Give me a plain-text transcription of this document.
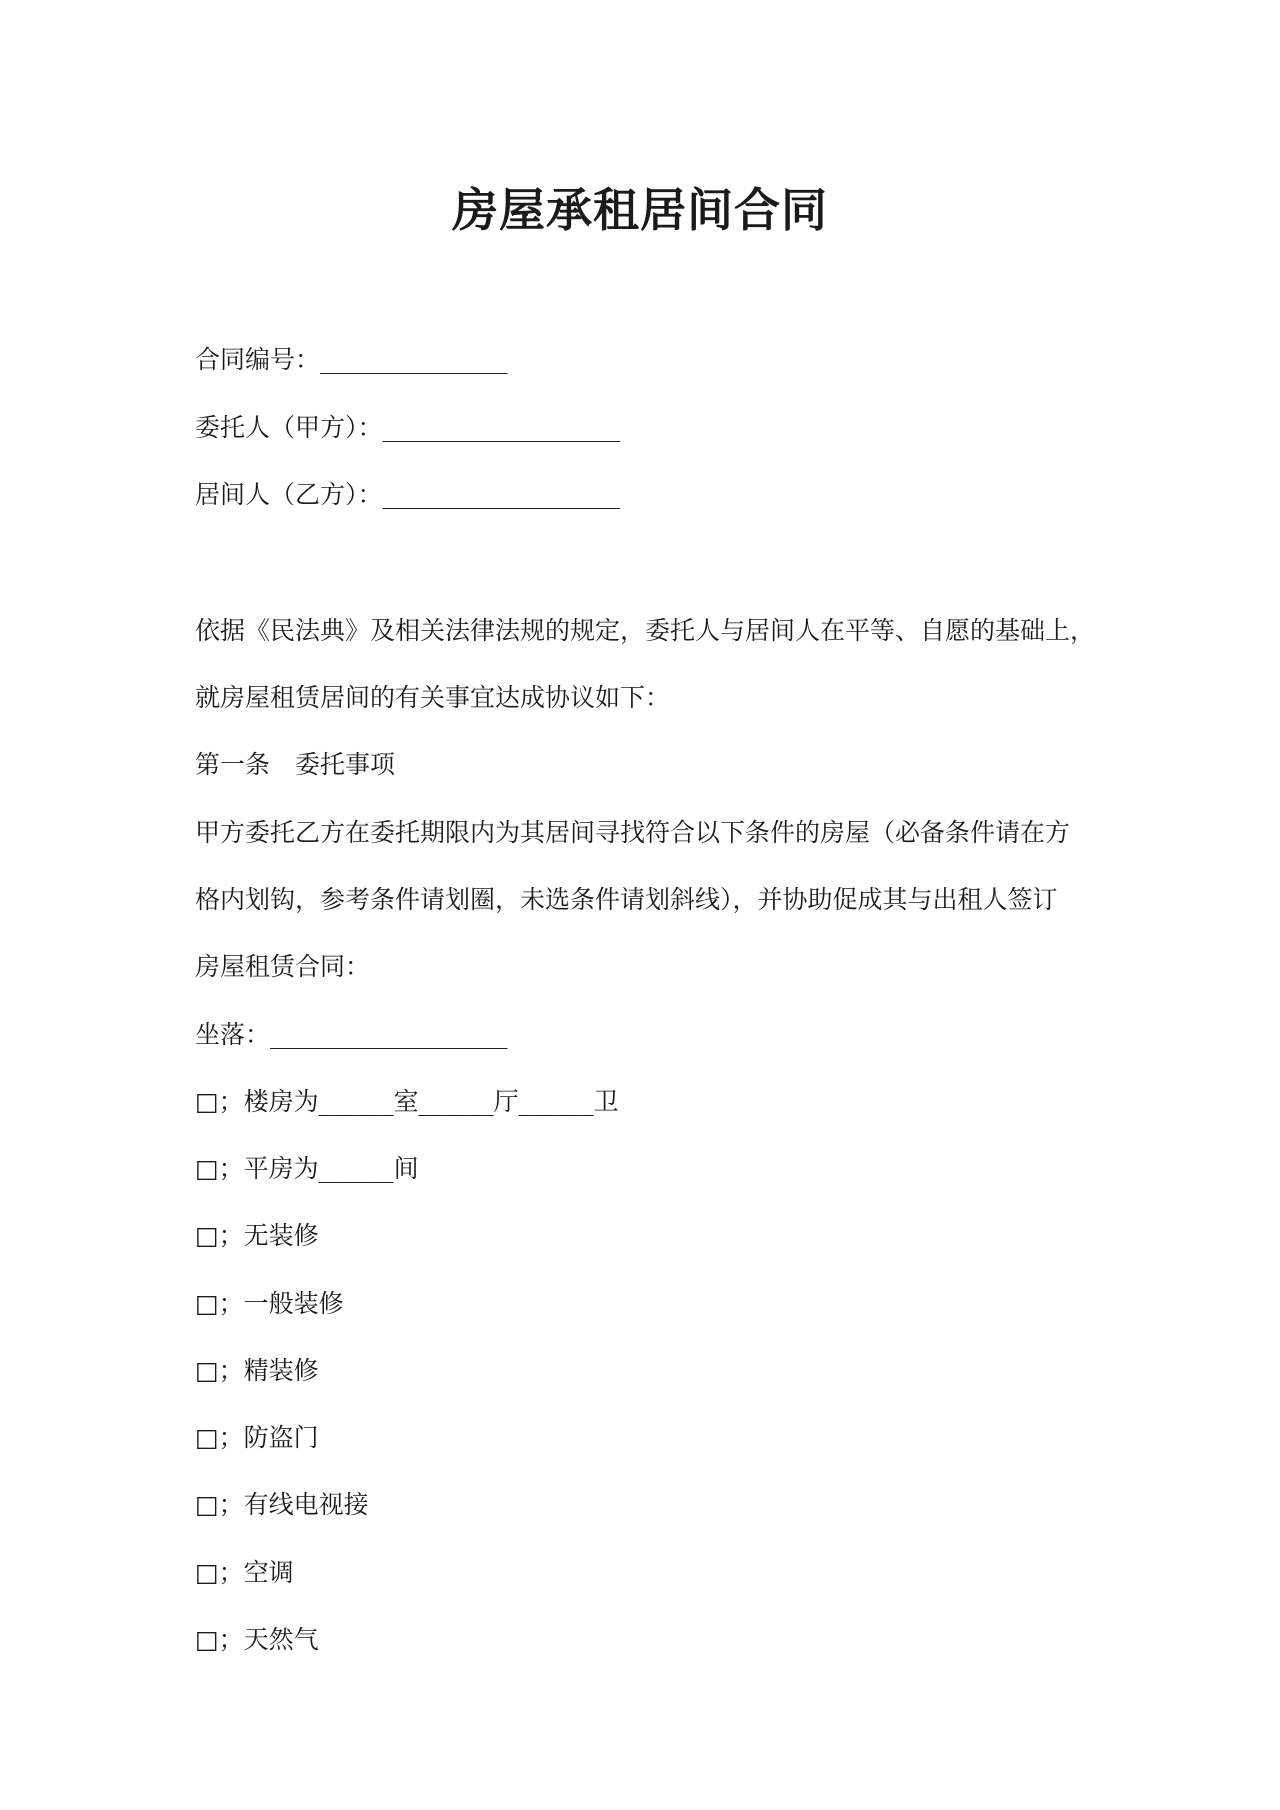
房屋承租居间合同
合同编号：_______________
委托人（甲方）：___________________
居间人（乙方）：___________________
依据《民法典》及相关法律法规的规定，委托人与居间人在平等、自愿的基础上，
就房屋租赁居间的有关事宜达成协议如下：
第一条　委托事项
甲方委托乙方在委托期限内为其居间寻找符合以下条件的房屋（必备条件请在方
格内划钩，参考条件请划圈，未选条件请划斜线），并协助促成其与出租人签订
房屋租赁合同：
坐落：___________________
□；楼房为______室______厅______卫
□；平房为______间
□；无装修
□；一般装修
□；精装修
□；防盗门
□；有线电视接
□；空调
□；天然气
